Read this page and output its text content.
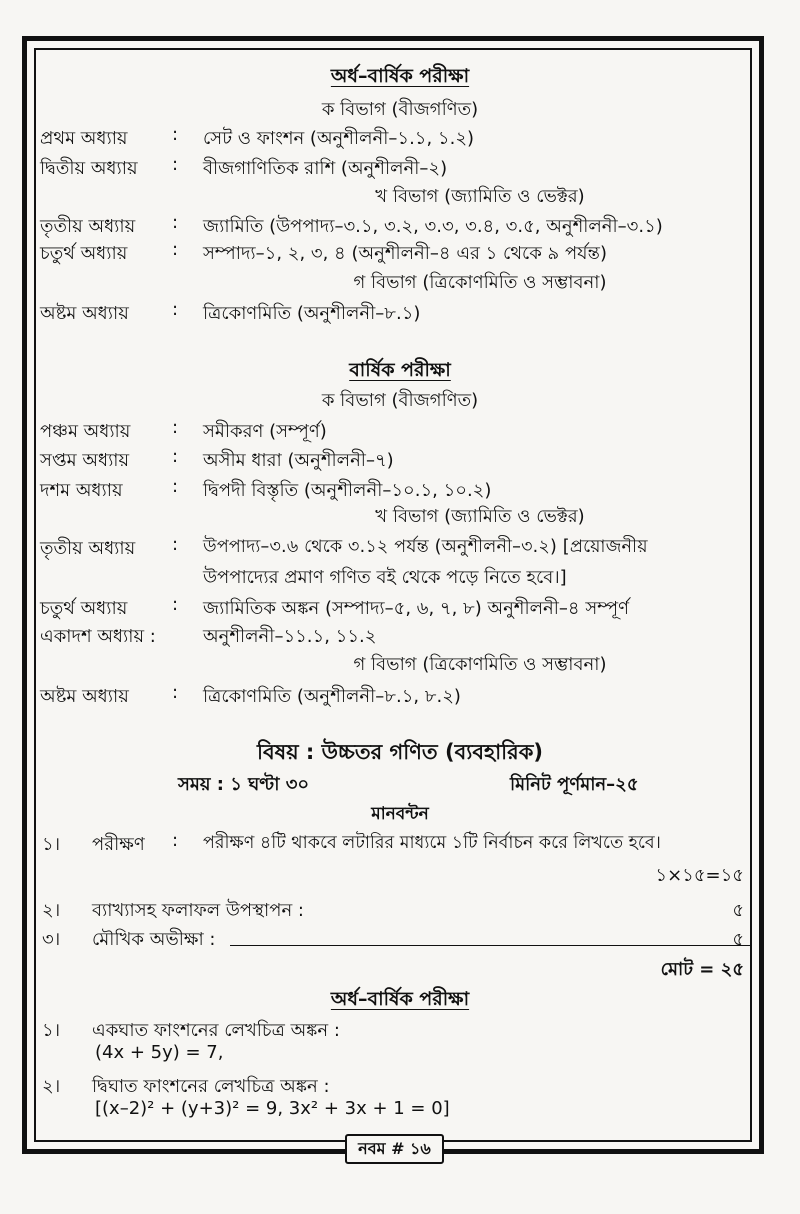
অর্ধ–বার্ষিক পরীক্ষা
ক বিভাগ (বীজগণিত)
প্রথম অধ্যায় : সেট ও ফাংশন (অনুশীলনী–১.১, ১.২)
দ্বিতীয় অধ্যায় : বীজগাণিতিক রাশি (অনুশীলনী–২)
খ বিভাগ (জ্যামিতি ও ভেক্টর)
তৃতীয় অধ্যায় : জ্যামিতি (উপপাদ্য–৩.১, ৩.২, ৩.৩, ৩.৪, ৩.৫, অনুশীলনী–৩.১)
চতুর্থ অধ্যায় : সম্পাদ্য–১, ২, ৩, ৪ (অনুশীলনী–৪ এর ১ থেকে ৯ পর্যন্ত)
গ বিভাগ (ত্রিকোণমিতি ও সম্ভাবনা)
অষ্টম অধ্যায় : ত্রিকোণমিতি (অনুশীলনী–৮.১)
বার্ষিক পরীক্ষা
ক বিভাগ (বীজগণিত)
পঞ্চম অধ্যায় : সমীকরণ (সম্পূর্ণ)
সপ্তম অধ্যায় : অসীম ধারা (অনুশীলনী–৭)
দশম অধ্যায়	: দ্বিপদী বিস্তৃতি (অনুশীলনী–১০.১, ১০.২)
খ বিভাগ (জ্যামিতি ও ভেক্টর)
তৃতীয় অধ্যায় : উপপাদ্য–৩.৬ থেকে ৩.১২ পর্যন্ত (অনুশীলনী–৩.২) [প্রয়োজনীয়
উপপাদ্যের প্রমাণ গণিত বই থেকে পড়ে নিতে হবে।]
চতুর্থ অধ্যায় : জ্যামিতিক অঙ্কন (সম্পাদ্য–৫, ৬, ৭, ৮) অনুশীলনী–৪ সম্পূর্ণ
একাদশ অধ্যায় :	অনুশীলনী–১১.১, ১১.২
গ বিভাগ (ত্রিকোণমিতি ও সম্ভাবনা)
অষ্টম অধ্যায় : ত্রিকোণমিতি (অনুশীলনী–৮.১, ৮.২)
বিষয় : উচ্চতর গণিত (ব্যবহারিক)
সময় : ১ ঘণ্টা ৩০	মিনিট পূর্ণমান–২৫
মানবন্টন
১। পরীক্ষণ : পরীক্ষণ ৪টি থাকবে লটারির মাধ্যমে ১টি নির্বাচন করে লিখতে হবে।
১×১৫=১৫
২। ব্যাখ্যাসহ ফলাফল উপস্থাপন :	৫
৩। মৌখিক অভীক্ষা :	৫
মোট = ২৫
অর্ধ–বার্ষিক পরীক্ষা
১। একঘাত ফাংশনের লেখচিত্র অঙ্কন :
(4x + 5y) = 7,
২। দ্বিঘাত ফাংশনের লেখচিত্র অঙ্কন :
[(x–2)² + (y+3)² = 9, 3x² + 3x + 1 = 0]
নবম # ১৬
